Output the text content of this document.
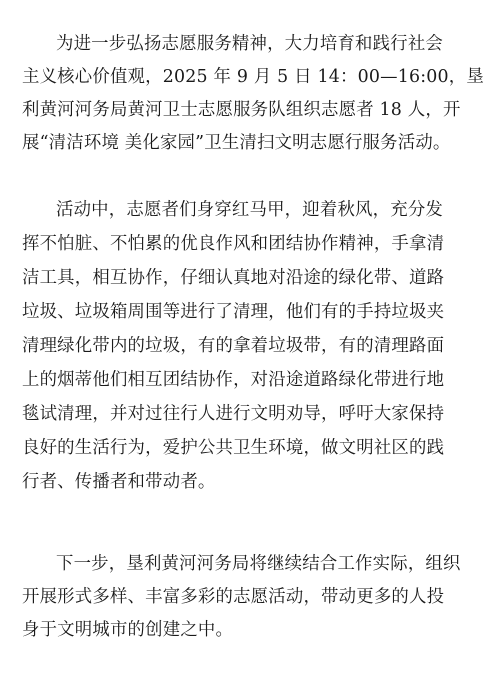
为进一步弘扬志愿服务精神，大力培育和践行社会
主义核心价值观，2025 年 9 月 5 日 14：00—16:00，垦
利黄河河务局黄河卫士志愿服务队组织志愿者 18 人，开
展“清洁环境 美化家园”卫生清扫文明志愿行服务活动。
活动中，志愿者们身穿红马甲，迎着秋风，充分发
挥不怕脏、不怕累的优良作风和团结协作精神，手拿清
洁工具，相互协作，仔细认真地对沿途的绿化带、道路
垃圾、垃圾箱周围等进行了清理，他们有的手持垃圾夹
清理绿化带内的垃圾，有的拿着垃圾带，有的清理路面
上的烟蒂他们相互团结协作，对沿途道路绿化带进行地
毯试清理，并对过往行人进行文明劝导，呼吁大家保持
良好的生活行为，爱护公共卫生环境，做文明社区的践
行者、传播者和带动者。
下一步，垦利黄河河务局将继续结合工作实际，组织
开展形式多样、丰富多彩的志愿活动，带动更多的人投
身于文明城市的创建之中。
